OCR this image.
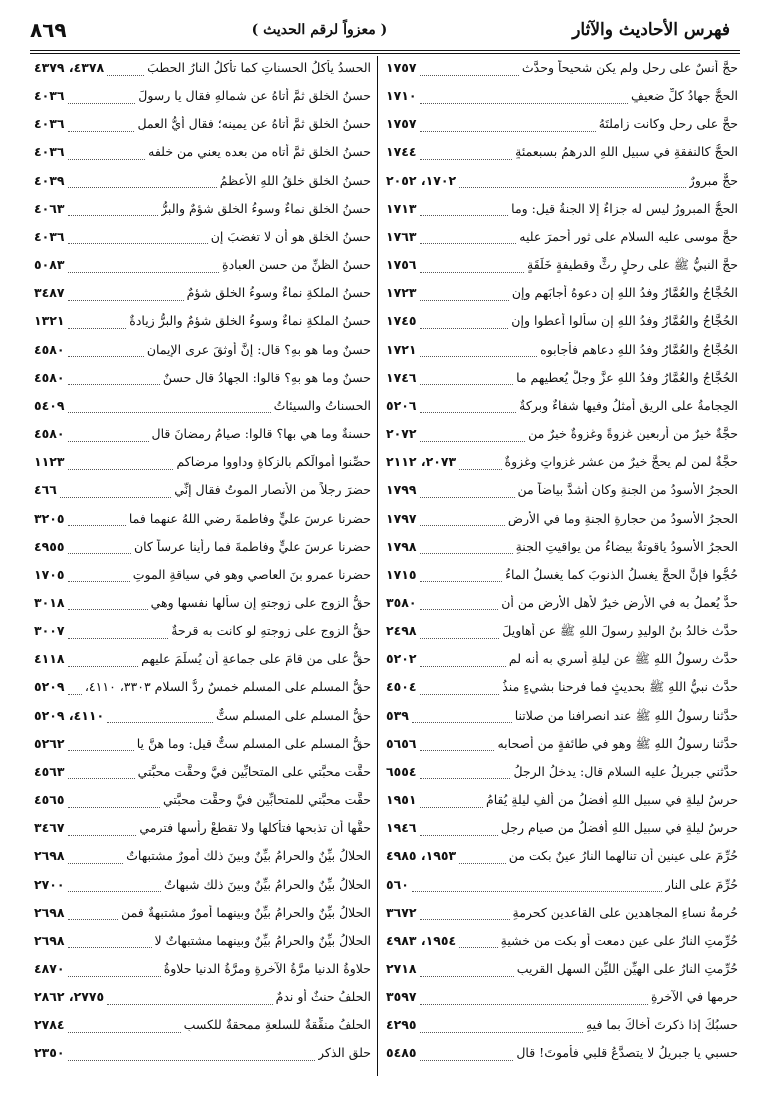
٨٦٩	( معزواً لرقم الحديث )	فهرس الأحاديث والآثار
حجَّ أنسٌ على رحلٍ ولم يكن شحيحاً وحدَّث
١٧٥٧
الحجُّ جهادُ كلِّ ضعيفٍ
١٧١٠
حجَّ على رحلٍ وكانت زاملتَهُ
١٧٥٧
الحجُّ كالنفقةِ في سبيلِ اللهِ الدرهمُ بسبعمئةٍ
١٧٤٤
حجٌّ مبرورٌ
١٧٠٢، ٢٠٥٢
الحجُّ المبرورُ ليس له جزاءٌ إلا الجنةُ قيل: وما
١٧١٣
حجَّ موسى عليه السلام على ثورٍ أحمرَ عليه
١٧٦٣
حجَّ النبيُّ ﷺ على رحلٍ رثٍّ وقطيفةٍ خَلَقَةٍ
١٧٥٦
الحُجَّاجُ والعُمَّارُ وفدُ اللهِ إن دعوهُ أجابَهم وإن
١٧٢٣
الحُجَّاجُ والعُمَّارُ وفدُ اللهِ إن سألوا أُعطوا وإن
١٧٤٥
الحُجَّاجُ والعُمَّارُ وفدُ اللهِ دعاهم فأجابوه
١٧٢١
الحُجَّاجُ والعُمَّارُ وفدُ اللهِ عزَّ وجلَّ يُعطيهم ما
١٧٤٦
الحِجامةُ على الريقِ أمثلُ وفيها شفاءٌ وبركةٌ
٥٢٠٦
حجَّةٌ خيرٌ من أربعين غزوةً وغزوةٌ خيرٌ من
٢٠٧٢
حجَّةٌ لمن لم يحجَّ خيرٌ من عشرِ غزواتٍ وغزوةٌ
٢٠٧٣، ٢١١٢
الحجرُ الأسودُ من الجنةِ وكان أشدَّ بياضاً من
١٧٩٩
الحجرُ الأسودُ من حجارةِ الجنةِ وما في الأرضِ
١٧٩٧
الحجرُ الأسودُ ياقوتةٌ بيضاءُ من يواقيتِ الجنةِ
١٧٩٨
حُجُّوا فإنَّ الحجَّ يغسلُ الذنوبَ كما يغسلُ الماءُ
١٧١٥
حدٌّ يُعملُ به في الأرضِ خيرٌ لأهلِ الأرضِ من أن
٣٥٨٠
حدَّث خالدُ بنُ الوليدِ رسولَ اللهِ ﷺ عن أهاويلَ
٢٤٩٨
حدَّث رسولُ اللهِ ﷺ عن ليلةِ أُسري به أنه لم
٥٢٠٢
حدَّث نبيُّ اللهِ ﷺ بحديثٍ فما فرحنا بشيءٍ منذُ
٤٥٠٤
حدَّثنا رسولُ اللهِ ﷺ عند انصرافنا من صلاتنا
٥٣٩
حدَّثنا رسولُ اللهِ ﷺ وهو في طائفةٍ من أصحابه
٥٦٥٦
حدَّثني جبريلُ عليه السلام قال: يدخلُ الرجلُ
٦٥٥٤
حرسُ ليلةٍ في سبيلِ اللهِ أفضلُ من ألفِ ليلةٍ يُقامُ
١٩٥١
حرسُ ليلةٍ في سبيلِ اللهِ أفضلُ من صيامِ رجلٍ
١٩٤٦
حُرِّمَ على عينينِ أن تنالهما النارُ عينٌ بكت من
١٩٥٣، ٤٩٨٥
حُرِّمَ على النارِ
٥٦٠
حُرمةُ نساءِ المجاهدين على القاعدين كحرمةِ
٣٦٧٢
حُرِّمتِ النارُ على عينٍ دمعت أو بكت من خشيةِ
١٩٥٤، ٤٩٨٣
حُرِّمتِ النارُ على الهيِّنِ الليِّنِ السهلِ القريبِ
٢٧١٨
حرمها في الآخرةِ
٣٥٩٧
حسبُكَ إذا ذكرتَ أخاكَ بما فيهِ
٤٢٩٥
حسبي يا جبريلُ لا يتصدَّعُ قلبي فأموتَ! قال
٥٤٨٥
الحسدُ يأكلُ الحسناتِ كما تأكلُ النارُ الحطبَ
٤٣٧٨، ٤٣٧٩
حسنُ الخلقِ ثمَّ أتاهُ عن شمالهِ فقال يا رسولَ
٤٠٣٦
حسنُ الخلقِ ثمَّ أتاهُ عن يمينه؛ فقال أيُّ العملِ
٤٠٣٦
حسنُ الخلقِ ثمَّ أتاه من بعده يعني من خلفه
٤٠٣٦
حسنُ الخلقِ خلقُ اللهِ الأعظمُ
٤٠٣٩
حسنُ الخلقِ نماءٌ وسوءُ الخلقِ شؤمٌ والبرُّ
٤٠٦٣
حسنُ الخلقِ هو أن لا تغضبَ إن
٤٠٣٦
حسنُ الظنِّ من حسنِ العبادةِ
٥٠٨٣
حسنُ الملكةِ نماءٌ وسوءُ الخلقِ شؤمٌ
٣٤٨٧
حسنُ الملكةِ نماءٌ وسوءُ الخلقِ شؤمٌ والبرُّ زيادةٌ
١٣٢١
حسنٌ وما هو بهِ؟ قال: إنَّ أوثقَ عرى الإيمانِ
٤٥٨٠
حسنٌ وما هو بهِ؟ قالوا: الجهادُ قال حسنٌ
٤٥٨٠
الحسناتُ والسيئاتُ
٥٤٠٩
حسنةٌ وما هي بها؟ قالوا: صيامُ رمضانَ قال
٤٥٨٠
حصِّنوا أموالَكم بالزكاةِ وداووا مرضاكم
١١٢٣
حضرَ رجلاً من الأنصارِ الموتُ فقال إنِّي
٤٦٦
حضرنا عرسَ عليٍّ وفاطمةَ رضي اللهُ عنهما فما
٣٢٠٥
حضرنا عرسَ عليٍّ وفاطمةَ فما رأينا عرساً كان
٤٩٥٥
حضرنا عمرو بنَ العاصي وهو في سياقةِ الموتِ
١٧٠٥
حقُّ الزوجِ على زوجتهِ إن سألها نفسها وهي
٣٠١٨
حقُّ الزوجِ على زوجتهِ لو كانت به قرحةٌ
٣٠٠٧
حقٌّ على من قامَ على جماعةٍ أن يُسلِّمَ عليهم
٤١١٨
حقُّ المسلمِ على المسلمِ خمسٌ ردُّ السلامِ ٣٣٠٣، ٤١١٠،
٥٢٠٩
حقُّ المسلمِ على المسلمِ ستٌّ
٤١١٠، ٥٢٠٩
حقُّ المسلمِ على المسلمِ ستٌّ قيل: وما هنَّ يا
٥٢٦٢
حقَّت محبَّتي على المتحابِّين فيَّ وحقَّت محبَّتي
٤٥٦٣
حقَّت محبَّتي للمتحابِّين فيَّ وحقَّت محبَّتي
٤٥٦٥
حقُّها أن تذبحها فتأكلها ولا تقطعْ رأسها فترمي
٣٤٦٧
الحلالُ بيِّنٌ والحرامُ بيِّنٌ وبينَ ذلك أمورٌ مشتبهاتٌ
٢٦٩٨
الحلالُ بيِّنٌ والحرامُ بيِّنٌ وبينَ ذلك شبهاتٌ
٢٧٠٠
الحلالُ بيِّنٌ والحرامُ بيِّنٌ وبينهما أمورٌ مشتبهةٌ فمن
٢٦٩٨
الحلالُ بيِّنٌ والحرامُ بيِّنٌ وبينهما مشتبهاتٌ لا
٢٦٩٨
حلاوةُ الدنيا مرَّةُ الآخرةِ ومرَّةُ الدنيا حلاوةُ
٤٨٧٠
الحلفُ حنثٌ أو ندمٌ
٢٧٧٥، ٢٨٦٢
الحلفُ منفِّقةٌ للسلعةِ ممحقةٌ للكسبِ
٢٧٨٤
حلق الذكر
٢٣٥٠
